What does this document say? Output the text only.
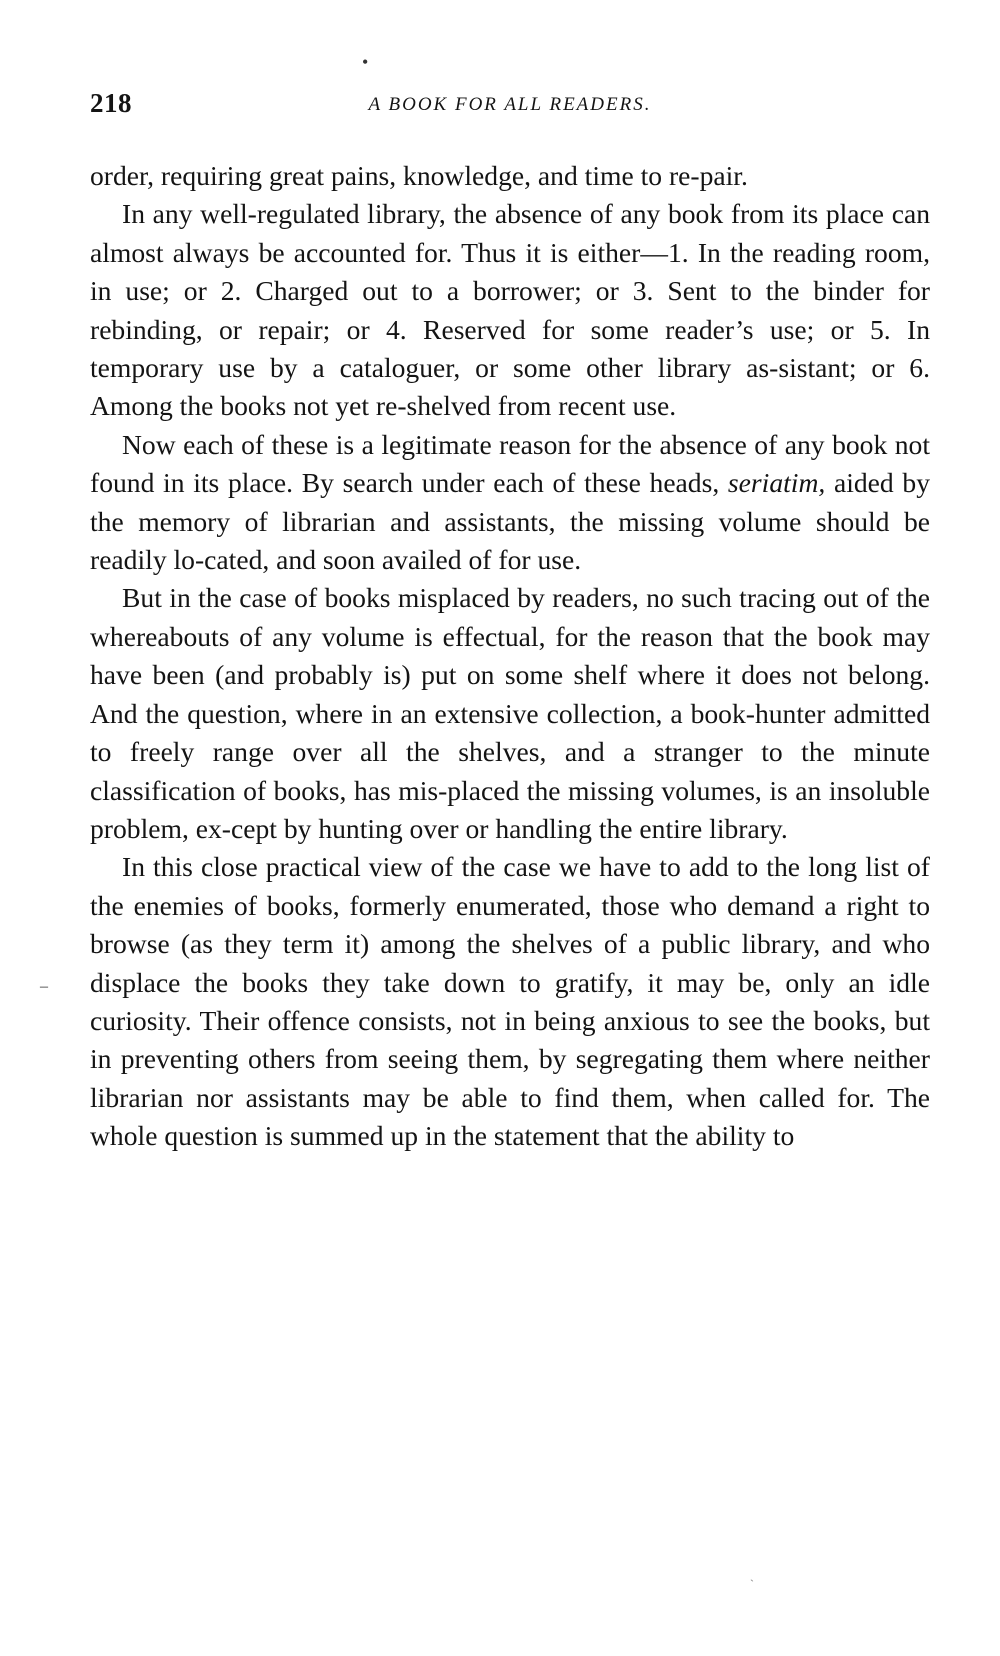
•
218	A BOOK FOR ALL READERS.
–

order, requiring great pains, knowledge, and time to re-pair.

In any well-regulated library, the absence of any book from its place can almost always be accounted for. Thus it is either—1. In the reading room, in use; or 2. Charged out to a borrower; or 3. Sent to the binder for rebinding, or repair; or 4. Reserved for some reader’s use; or 5. In temporary use by a cataloguer, or some other library as-sistant; or 6. Among the books not yet re-shelved from recent use.

Now each of these is a legitimate reason for the absence of any book not found in its place. By search under each of these heads, seriatim, aided by the memory of librarian and assistants, the missing volume should be readily lo-cated, and soon availed of for use.

But in the case of books misplaced by readers, no such tracing out of the whereabouts of any volume is effectual, for the reason that the book may have been (and probably is) put on some shelf where it does not belong. And the question, where in an extensive collection, a book-hunter admitted to freely range over all the shelves, and a stranger to the minute classification of books, has mis-placed the missing volumes, is an insoluble problem, ex-cept by hunting over or handling the entire library.

In this close practical view of the case we have to add to the long list of the enemies of books, formerly enumerated, those who demand a right to browse (as they term it) among the shelves of a public library, and who displace the books they take down to gratify, it may be, only an idle curiosity. Their offence consists, not in being anxious to see the books, but in preventing others from seeing them, by segregating them where neither librarian nor assistants may be able to find them, when called for. The whole question is summed up in the statement that the ability to

ˎ
